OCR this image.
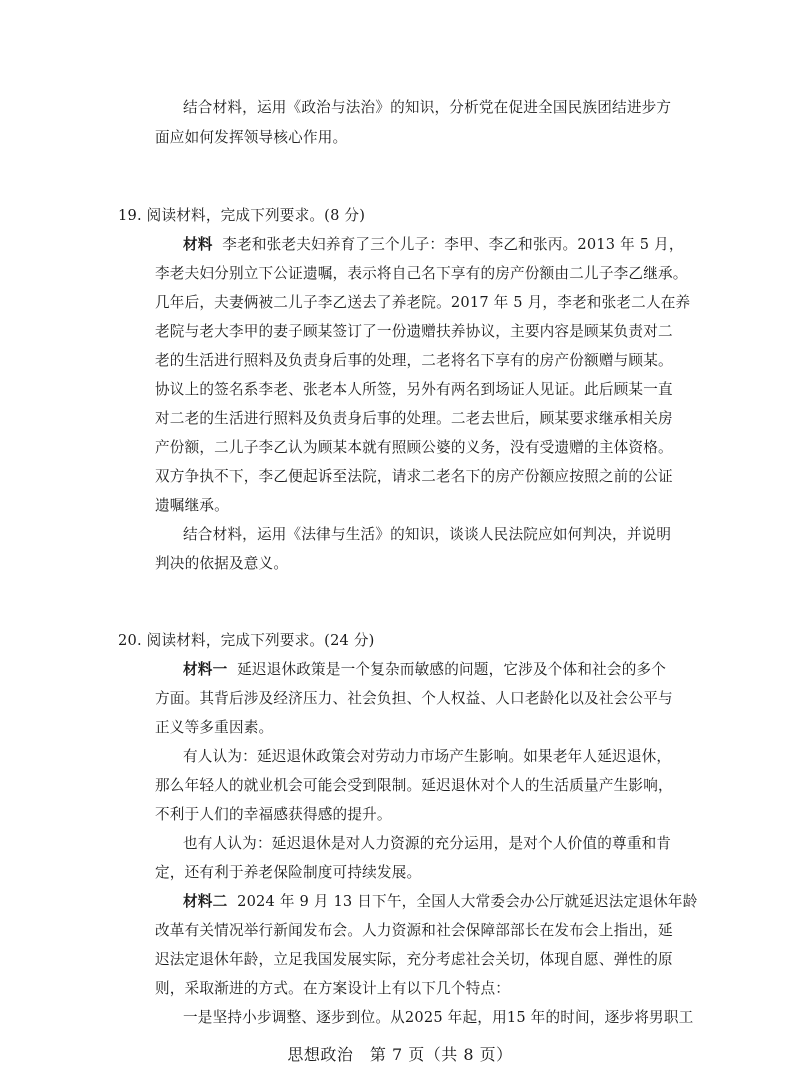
结合材料，运用《政治与法治》的知识，分析党在促进全国民族团结进步方
面应如何发挥领导核心作用。
19. 阅读材料，完成下列要求。(8 分)
材料 李老和张老夫妇养育了三个儿子：李甲、李乙和张丙。2013 年 5 月，
李老夫妇分别立下公证遗嘱，表示将自己名下享有的房产份额由二儿子李乙继承。
几年后，夫妻俩被二儿子李乙送去了养老院。2017 年 5 月，李老和张老二人在养
老院与老大李甲的妻子顾某签订了一份遗赠扶养协议，主要内容是顾某负责对二
老的生活进行照料及负责身后事的处理，二老将名下享有的房产份额赠与顾某。
协议上的签名系李老、张老本人所签，另外有两名到场证人见证。此后顾某一直
对二老的生活进行照料及负责身后事的处理。二老去世后，顾某要求继承相关房
产份额，二儿子李乙认为顾某本就有照顾公婆的义务，没有受遗赠的主体资格。
双方争执不下，李乙便起诉至法院，请求二老名下的房产份额应按照之前的公证
遗嘱继承。
结合材料，运用《法律与生活》的知识，谈谈人民法院应如何判决，并说明
判决的依据及意义。
20. 阅读材料，完成下列要求。(24 分)
材料一 延迟退休政策是一个复杂而敏感的问题，它涉及个体和社会的多个
方面。其背后涉及经济压力、社会负担、个人权益、人口老龄化以及社会公平与
正义等多重因素。
有人认为：延迟退休政策会对劳动力市场产生影响。如果老年人延迟退休，
那么年轻人的就业机会可能会受到限制。延迟退休对个人的生活质量产生影响，
不利于人们的幸福感获得感的提升。
也有人认为：延迟退休是对人力资源的充分运用，是对个人价值的尊重和肯
定，还有利于养老保险制度可持续发展。
材料二 2024 年 9 月 13 日下午，全国人大常委会办公厅就延迟法定退休年龄
改革有关情况举行新闻发布会。人力资源和社会保障部部长在发布会上指出，延
迟法定退休年龄，立足我国发展实际，充分考虑社会关切，体现自愿、弹性的原
则，采取渐进的方式。在方案设计上有以下几个特点：
一是坚持小步调整、逐步到位。从2025 年起，用15 年的时间，逐步将男职工
思想政治　第 7 页（共 8 页）
